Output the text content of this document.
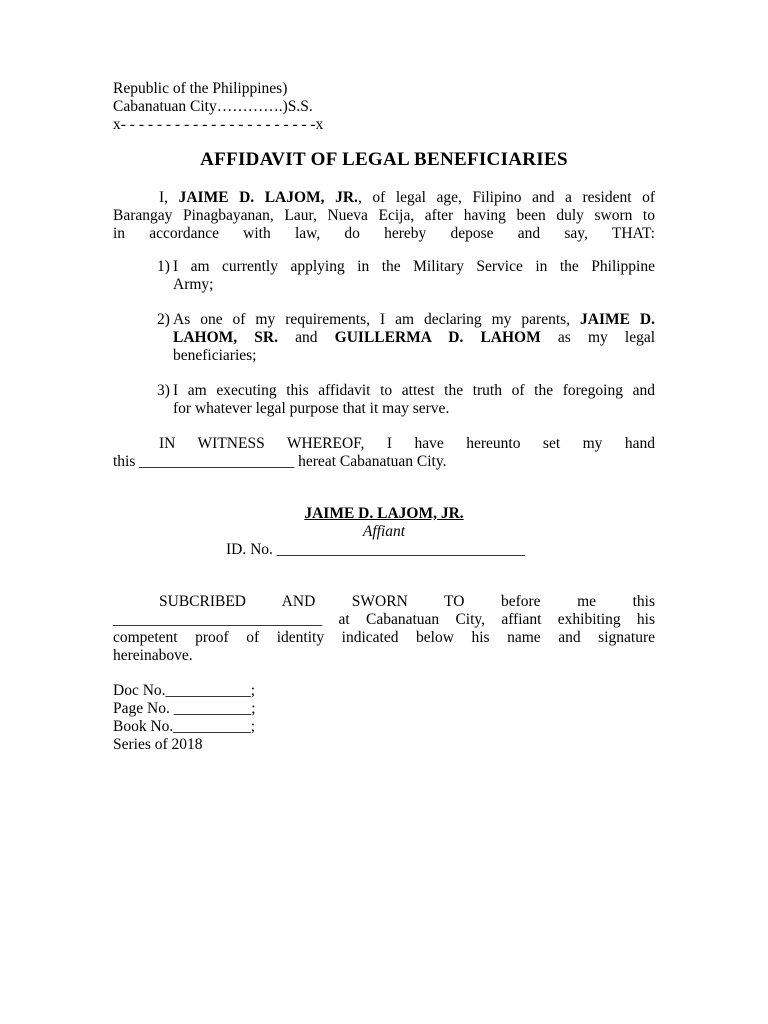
Republic of the Philippines)
Cabanatuan City………….)S.S.
x- - - - - - - - - - - - - - - - - - - - - -x
AFFIDAVIT OF LEGAL BENEFICIARIES
I, JAIME D. LAJOM, JR., of legal age, Filipino and a resident of
Barangay Pinagbayanan, Laur, Nueva Ecija, after having been duly sworn to
in accordance with law, do hereby depose and say, THAT:
1) I am currently applying in the Military Service in the Philippine
Army;
2) As one of my requirements, I am declaring my parents, JAIME D.
LAHOM, SR. and GUILLERMA D. LAHOM as my legal
beneficiaries;
3) I am executing this affidavit to attest the truth of the foregoing and
for whatever legal purpose that it may serve.
IN WITNESS WHEREOF, I have hereunto set my hand
this ____________________ hereat Cabanatuan City.
JAIME D. LAJOM, JR.
Affiant
ID. No. ________________________________
SUBCRIBED AND SWORN TO before me this
___________________________ at Cabanatuan City, affiant exhibiting his
competent proof of identity indicated below his name and signature
hereinabove.
Doc No.___________;
Page No. __________;
Book No.__________;
Series of 2018
